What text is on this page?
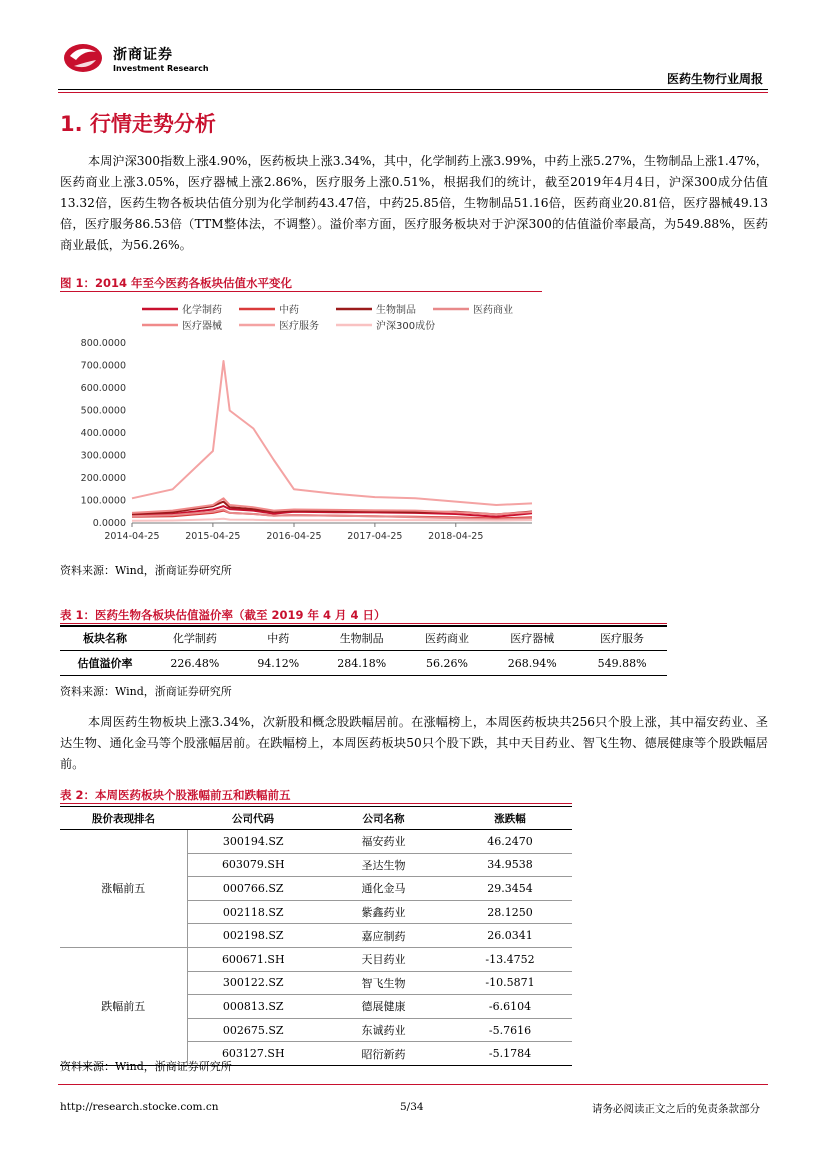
浙商证券
Investment Research
医药生物行业周报
1. 行情走势分析
本周沪深300指数上涨4.90%，医药板块上涨3.34%，其中，化学制药上涨3.99%，中药上涨5.27%，生物制品上涨1.47%，医药商业上涨3.05%，医疗器械上涨2.86%，医疗服务上涨0.51%，根据我们的统计，截至2019年4月4日，沪深300成分估值13.32倍，医药生物各板块估值分别为化学制药43.47倍，中药25.85倍，生物制品51.16倍，医药商业20.81倍，医疗器械49.13倍，医疗服务86.53倍（TTM整体法，不调整）。溢价率方面，医疗服务板块对于沪深300的估值溢价率最高，为549.88%，医药商业最低，为56.26%。
图 1：2014 年至今医药各板块估值水平变化
化学制药	中药	生物制品	医药商业
医疗器械	医疗服务	沪深300成份
800.0000
700.0000
600.0000
500.0000
400.0000
300.0000
200.0000
100.0000
0.0000
2014-04-25	2015-04-25	2016-04-25	2017-04-25	2018-04-25
资料来源：Wind，浙商证券研究所
表 1：医药生物各板块估值溢价率（截至 2019 年 4 月 4 日）
板块名称	化学制药	中药	生物制品	医药商业	医疗器械	医疗服务
估值溢价率	226.48%	94.12%	284.18%	56.26%	268.94%	549.88%
资料来源：Wind，浙商证券研究所
本周医药生物板块上涨3.34%，次新股和概念股跌幅居前。在涨幅榜上，本周医药板块共256只个股上涨，其中福安药业、圣达生物、通化金马等个股涨幅居前。在跌幅榜上，本周医药板块50只个股下跌，其中天目药业、智飞生物、德展健康等个股跌幅居前。
表 2：本周医药板块个股涨幅前五和跌幅前五
股价表现排名	公司代码	公司名称	涨跌幅
涨幅前五	300194.SZ	福安药业	46.2470
	603079.SH	圣达生物	34.9538
	000766.SZ	通化金马	29.3454
	002118.SZ	紫鑫药业	28.1250
	002198.SZ	嘉应制药	26.0341
跌幅前五	600671.SH	天目药业	-13.4752
	300122.SZ	智飞生物	-10.5871
	000813.SZ	德展健康	-6.6104
	002675.SZ	东诚药业	-5.7616
	603127.SH	昭衍新药	-5.1784
资料来源：Wind，浙商证券研究所
http://research.stocke.com.cn	5/34	请务必阅读正文之后的免责条款部分
